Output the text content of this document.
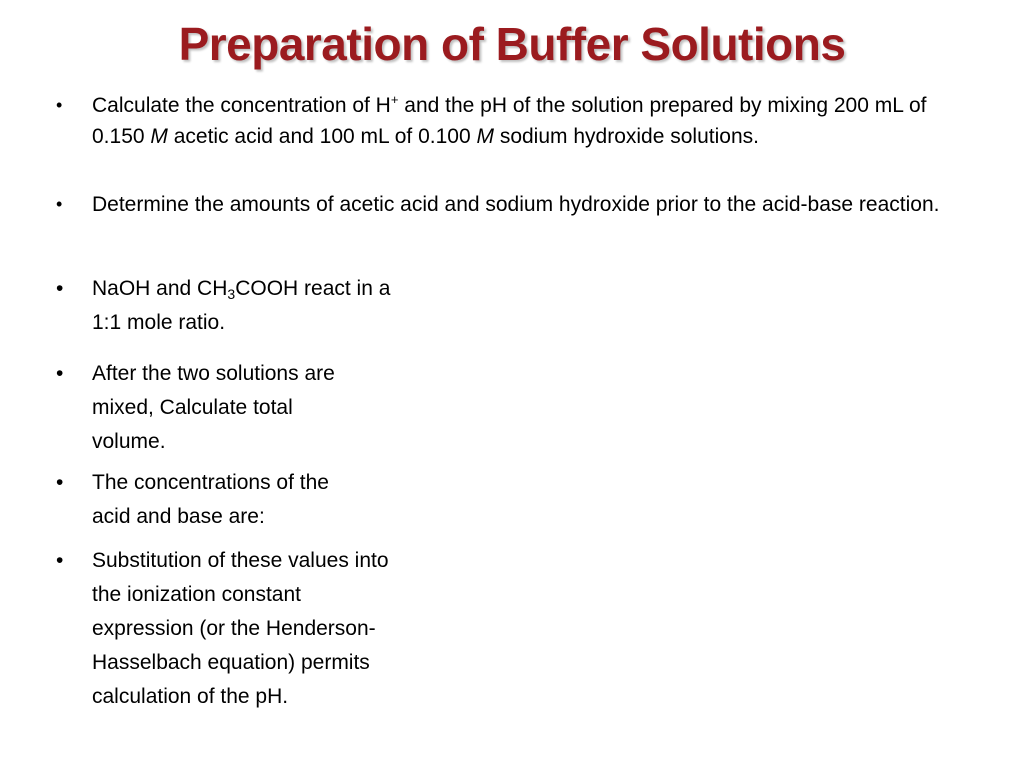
Preparation of Buffer Solutions
• Calculate the concentration of H+ and the pH of the solution prepared by mixing 200 mL of 0.150 M acetic acid and 100 mL of 0.100 M sodium hydroxide solutions.
• Determine the amounts of acetic acid and sodium hydroxide prior to the acid-base reaction.
• NaOH and $CH_3COOH$ react in a 1:1 mole ratio.
• After the two solutions are mixed, Calculate total volume.
• The concentrations of the acid and base are:
• Substitution of these values into the ionization constant expression (or the Henderson-Hasselbach equation) permits calculation of the pH.
